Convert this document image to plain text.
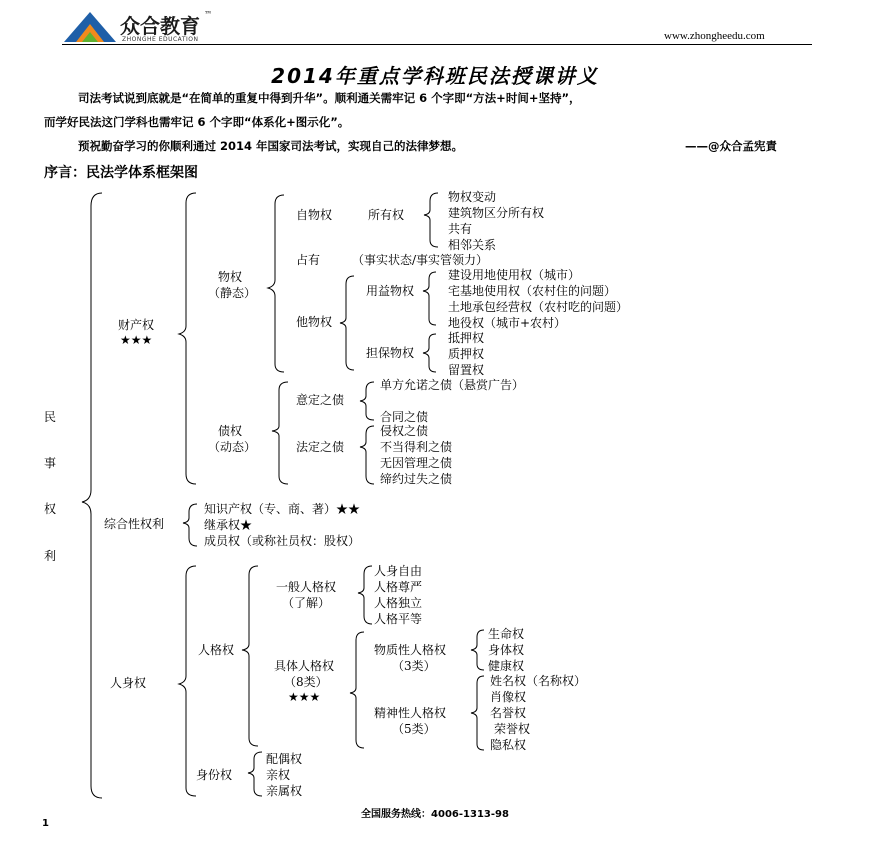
众合教育 ™
ZHONGHE EDUCATION	www.zhongheedu.com
2014年重点学科班民法授课讲义
司法考试说到底就是“在简单的重复中得到升华”。顺利通关需牢记 6 个字即“方法+时间+坚持”，
而学好民法这门学科也需牢记 6 个字即“体系化+图示化”。
预祝勤奋学习的你顺利通过 2014 年国家司法考试，实现自己的法律梦想。	——@众合孟宪責
序言：民法学体系框架图
民
事
权
利
财产权
★★★
物权
（静态）
自物权	所有权
物权变动
建筑物区分所有权
共有
相邻关系
占有	（事实状态/事实管领力）
他物权
用益物权
建设用地使用权（城市）
宅基地使用权（农村住的问题）
土地承包经营权（农村吃的问题）
地役权（城市+农村）
担保物权
抵押权
质押权
留置权
债权
（动态）
意定之债
单方允诺之债（悬赏广告）
合同之债
法定之债
侵权之债
不当得利之债
无因管理之债
缔约过失之债
综合性权利
知识产权（专、商、著）★★
继承权★
成员权（或称社员权：股权）
人身权
人格权
一般人格权
（了解）
人身自由
人格尊严
人格独立
人格平等
具体人格权
（8类）
★★★
物质性人格权
（3类）
生命权
身体权
健康权
精神性人格权
（5类）
姓名权（名称权）
肖像权
名誉权
荣誉权
隐私权
身份权
配偶权
亲权
亲属权
全国服务热线：4006-1313-98
1
